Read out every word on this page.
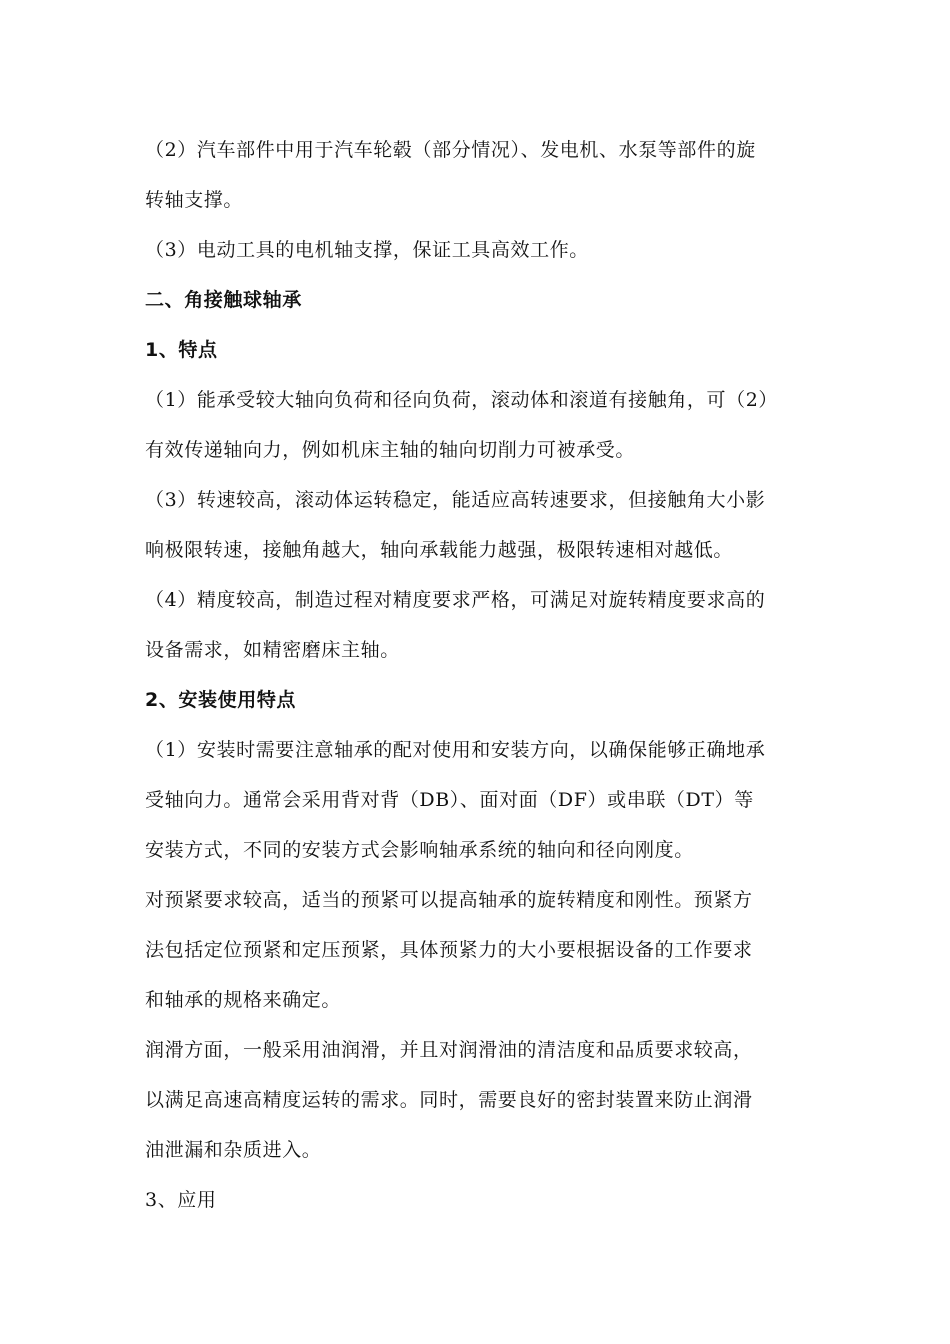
（2）汽车部件中用于汽车轮毂（部分情况）、发电机、水泵等部件的旋
转轴支撑。
（3）电动工具的电机轴支撑，保证工具高效工作。
二、角接触球轴承
1、特点
（1）能承受较大轴向负荷和径向负荷，滚动体和滚道有接触角，可（2）
有效传递轴向力，例如机床主轴的轴向切削力可被承受。
（3）转速较高，滚动体运转稳定，能适应高转速要求，但接触角大小影
响极限转速，接触角越大，轴向承载能力越强，极限转速相对越低。
（4）精度较高，制造过程对精度要求严格，可满足对旋转精度要求高的
设备需求，如精密磨床主轴。
2、安装使用特点
（1）安装时需要注意轴承的配对使用和安装方向，以确保能够正确地承
受轴向力。通常会采用背对背（DB）、面对面（DF）或串联（DT）等
安装方式，不同的安装方式会影响轴承系统的轴向和径向刚度。
对预紧要求较高，适当的预紧可以提高轴承的旋转精度和刚性。预紧方
法包括定位预紧和定压预紧，具体预紧力的大小要根据设备的工作要求
和轴承的规格来确定。
润滑方面，一般采用油润滑，并且对润滑油的清洁度和品质要求较高，
以满足高速高精度运转的需求。同时，需要良好的密封装置来防止润滑
油泄漏和杂质进入。
3、应用
